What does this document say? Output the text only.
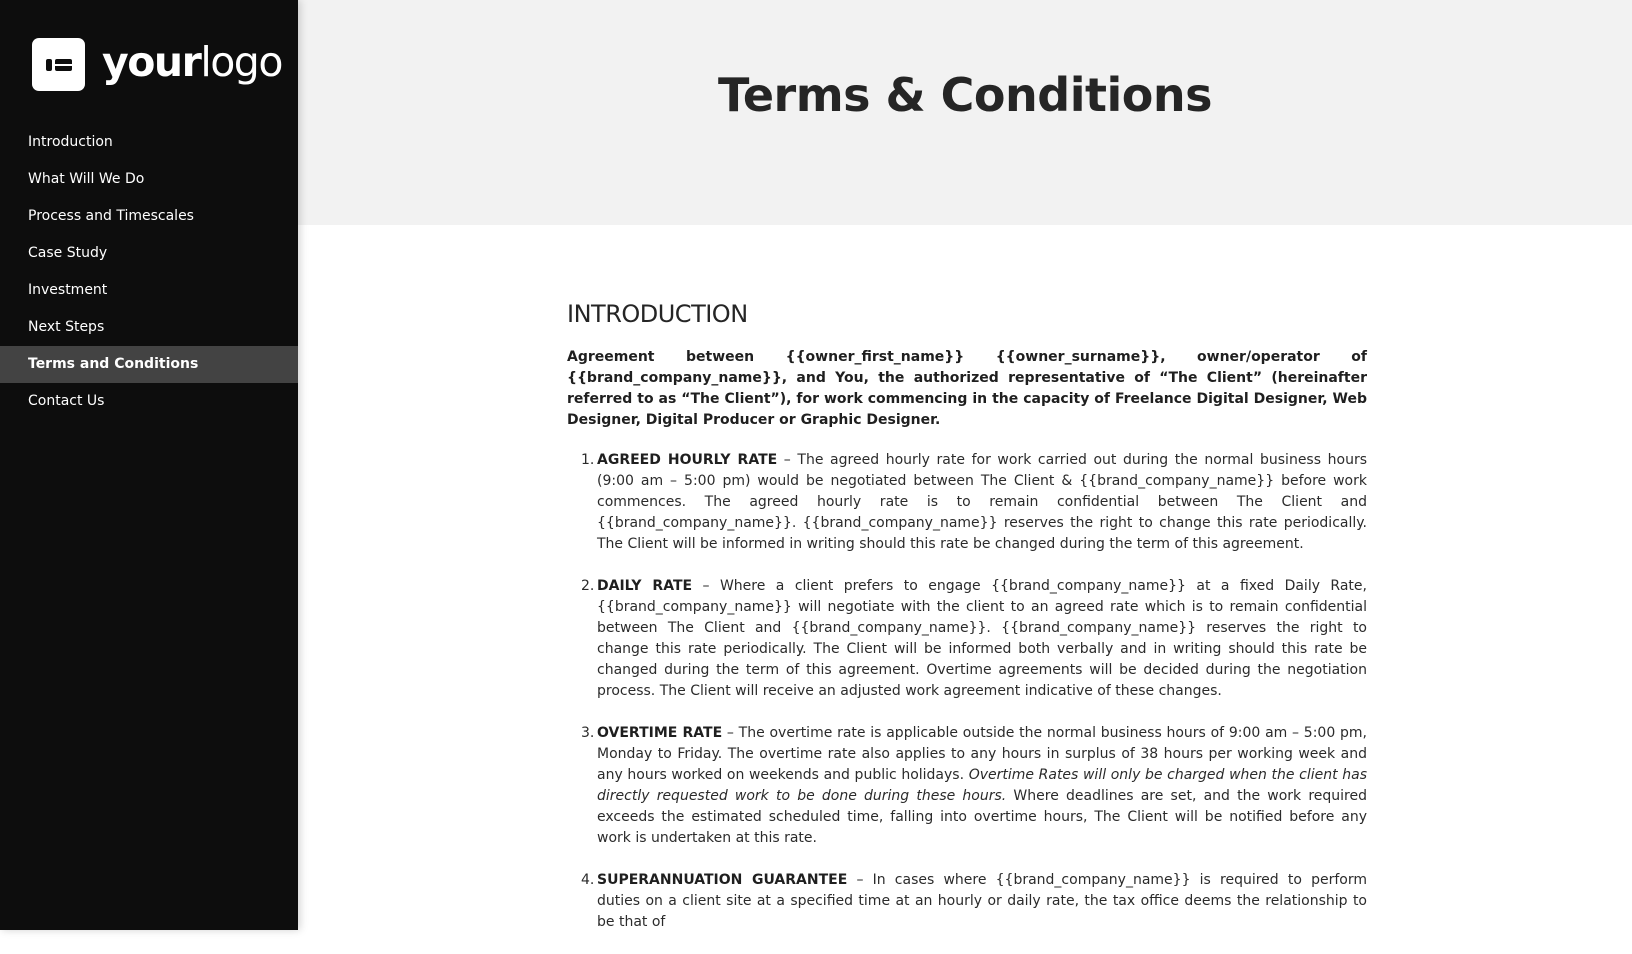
yourlogo
Introduction
What Will We Do
Process and Timescales
Case Study
Investment
Next Steps
Terms and Conditions
Contact Us
Terms & Conditions
INTRODUCTION

Agreement between {{owner_first_name}} {{owner_surname}}, owner/operator of {{brand_company_name}}, and You, the authorized representative of “The Client” (hereinafter referred to as “The Client”), for work commencing in the capacity of Freelance Digital Designer, Web Designer, Digital Producer or Graphic Designer.

1. AGREED HOURLY RATE – The agreed hourly rate for work carried out during the normal business hours (9:00 am – 5:00 pm) would be negotiated between The Client & {{brand_company_name}} before work commences. The agreed hourly rate is to remain confidential between The Client and {{brand_company_name}}. {{brand_company_name}} reserves the right to change this rate periodically. The Client will be informed in writing should this rate be changed during the term of this agreement.
2. DAILY RATE – Where a client prefers to engage {{brand_company_name}} at a fixed Daily Rate, {{brand_company_name}} will negotiate with the client to an agreed rate which is to remain confidential between The Client and {{brand_company_name}}. {{brand_company_name}} reserves the right to change this rate periodically. The Client will be informed both verbally and in writing should this rate be changed during the term of this agreement. Overtime agreements will be decided during the negotiation process. The Client will receive an adjusted work agreement indicative of these changes.
3. OVERTIME RATE – The overtime rate is applicable outside the normal business hours of 9:00 am – 5:00 pm, Monday to Friday. The overtime rate also applies to any hours in surplus of 38 hours per working week and any hours worked on weekends and public holidays. Overtime Rates will only be charged when the client has directly requested work to be done during these hours. Where deadlines are set, and the work required exceeds the estimated scheduled time, falling into overtime hours, The Client will be notified before any work is undertaken at this rate.
4. SUPERANNUATION GUARANTEE – In cases where {{brand_company_name}} is required to perform duties on a client site at a specified time at an hourly or daily rate, the tax office deems the relationship to be that of
